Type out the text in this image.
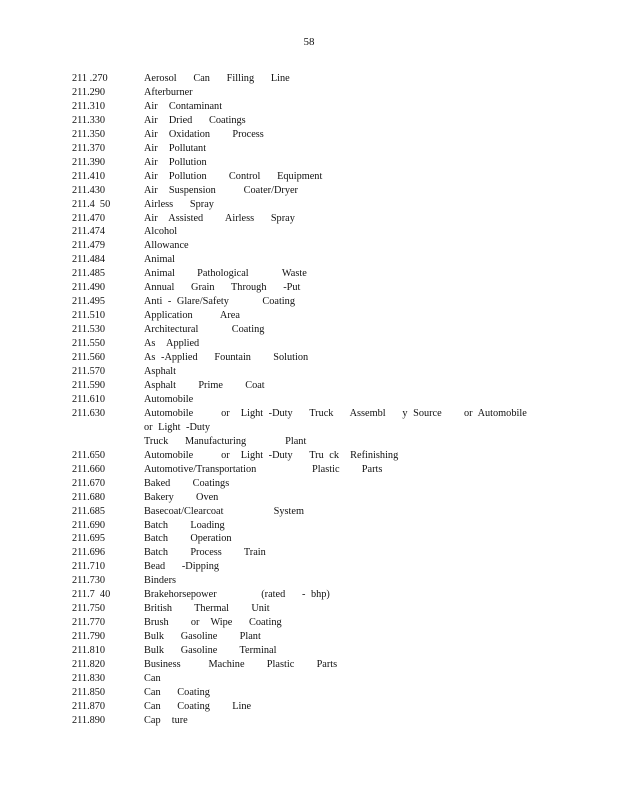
58
211 .270	Aerosol   Can   Filling   Line
211.290	Afterburner
211.310	Air  Contaminant
211.330	Air  Dried   Coatings
211.350	Air  Oxidation    Process
211.370	Air  Pollutant
211.390	Air  Pollution
211.410	Air  Pollution    Control   Equipment
211.430	Air  Suspension     Coater/Dryer
211.4  50	Airless   Spray
211.470	Air  Assisted    Airless   Spray
211.474	Alcohol
211.479	Allowance
211.484	Animal
211.485	Animal    Pathological      Waste
211.490	Annual   Grain   Through   -Put
211.495	Anti - Glare/Safety      Coating
211.510	Application     Area
211.530	Architectural      Coating
211.550	As  Applied
211.560	As -Applied   Fountain    Solution
211.570	Asphalt
211.590	Asphalt    Prime    Coat
211.610	Automobile
211.630	Automobile     or  Light -Duty   Truck   Assembl   y Source    or Automobile     or Light -Duty
Truck   Manufacturing       Plant
211.650	Automobile     or  Light -Duty   Tru ck  Refinishing
211.660	Automotive/Transportation          Plastic    Parts
211.670	Baked    Coatings
211.680	Bakery    Oven
211.685	Basecoat/Clearcoat         System
211.690	Batch    Loading
211.695	Batch    Operation
211.696	Batch    Process    Train
211.710	Bead   -Dipping
211.730	Binders
211.7  40	Brakehorsepower        (rated   - bhp)
211.750	British    Thermal    Unit
211.770	Brush    or  Wipe   Coating
211.790	Bulk   Gasoline    Plant
211.810	Bulk   Gasoline    Terminal
211.820	Business     Machine    Plastic    Parts
211.830	Can
211.850	Can   Coating
211.870	Can   Coating    Line
211.890	Cap  ture
